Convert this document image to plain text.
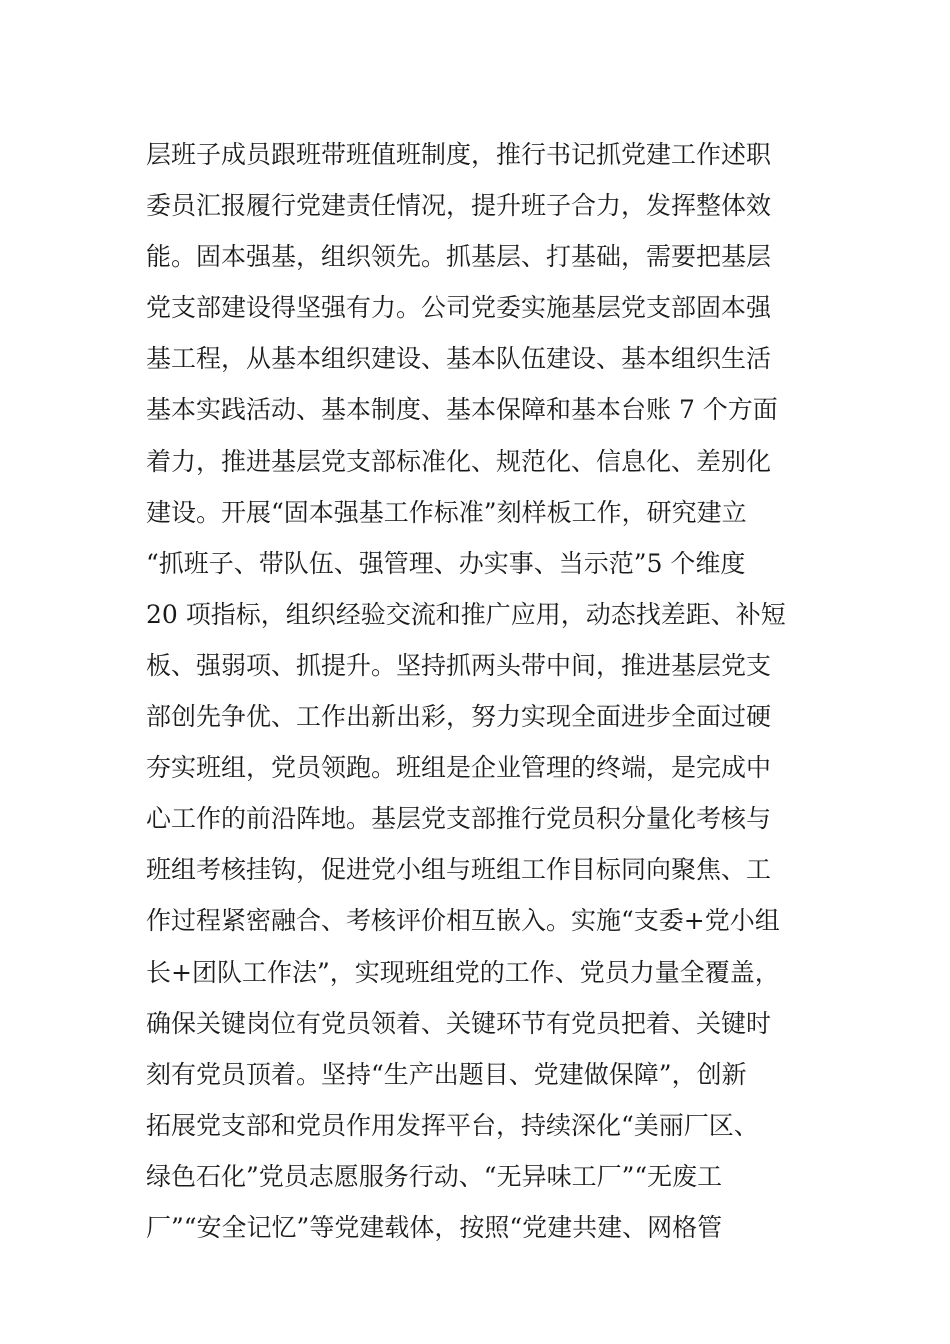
层班子成员跟班带班值班制度，推行书记抓党建工作述职
委员汇报履行党建责任情况，提升班子合力，发挥整体效
能。固本强基，组织领先。抓基层、打基础，需要把基层
党支部建设得坚强有力。公司党委实施基层党支部固本强
基工程，从基本组织建设、基本队伍建设、基本组织生活
基本实践活动、基本制度、基本保障和基本台账 7 个方面
着力，推进基层党支部标准化、规范化、信息化、差别化
建设。开展“固本强基工作标准”刻样板工作，研究建立
“抓班子、带队伍、强管理、办实事、当示范”5 个维度
20 项指标，组织经验交流和推广应用，动态找差距、补短
板、强弱项、抓提升。坚持抓两头带中间，推进基层党支
部创先争优、工作出新出彩，努力实现全面进步全面过硬
夯实班组，党员领跑。班组是企业管理的终端，是完成中
心工作的前沿阵地。基层党支部推行党员积分量化考核与
班组考核挂钩，促进党小组与班组工作目标同向聚焦、工
作过程紧密融合、考核评价相互嵌入。实施“支委+党小组
长+团队工作法”，实现班组党的工作、党员力量全覆盖，
确保关键岗位有党员领着、关键环节有党员把着、关键时
刻有党员顶着。坚持“生产出题目、党建做保障”，创新
拓展党支部和党员作用发挥平台，持续深化“美丽厂区、
绿色石化”党员志愿服务行动、“无异味工厂”“无废工
厂”“安全记忆”等党建载体，按照“党建共建、网格管
